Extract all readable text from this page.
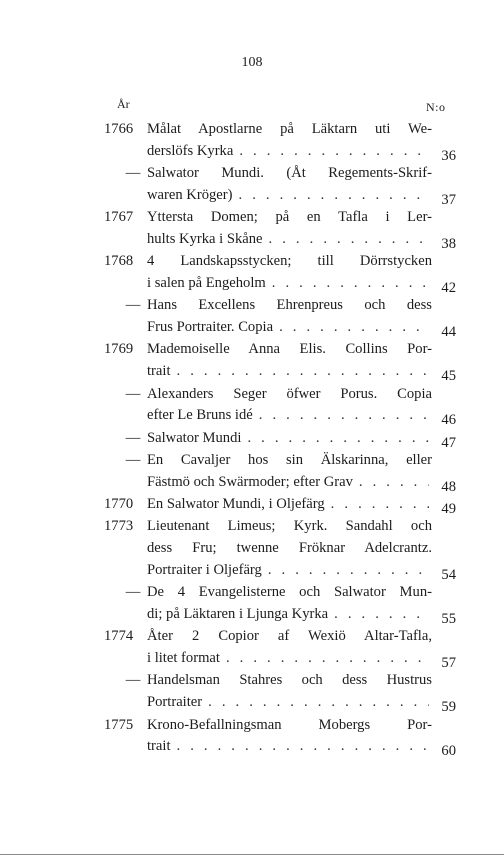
108
År	N:o
1766 Målat Apostlarne på Läktarn uti We-
derslöfs Kyrka . . .	36
— Salwator Mundi. (Åt Regements-Skrif-
waren Kröger) . . .	37
1767 Yttersta Domen; på en Tafla i Ler-
hults Kyrka i Skåne . . .	38
1768 4 Landskapsstycken; till Dörrstycken
i salen på Engeholm . . .	42
— Hans Excellens Ehrenpreus och dess
Frus Portraiter. Copia . . .	44
1769 Mademoiselle Anna Elis. Collins Por-
trait . . .	45
— Alexanders Seger öfwer Porus. Copia
efter Le Bruns idé . . .	46
— Salwator Mundi . . .	47
— En Cavaljer hos sin Älskarinna, eller
Fästmö och Swärmoder; efter Grav . . .	48
1770 En Salwator Mundi, i Oljefärg . . .	49
1773 Lieutenant Limeus; Kyrk. Sandahl och
dess Fru; twenne Fröknar Adelcrantz.
Portraiter i Oljefärg . . .	54
— De 4 Evangelisterne och Salwator Mun-
di; på Läktaren i Ljunga Kyrka . . .	55
1774 Åter 2 Copior af Wexiö Altar-Tafla,
i litet format . . .	57
— Handelsman Stahres och dess Hustrus
Portraiter . . .	59
1775 Krono-Befallningsman Mobergs Por-
trait . . .	60
